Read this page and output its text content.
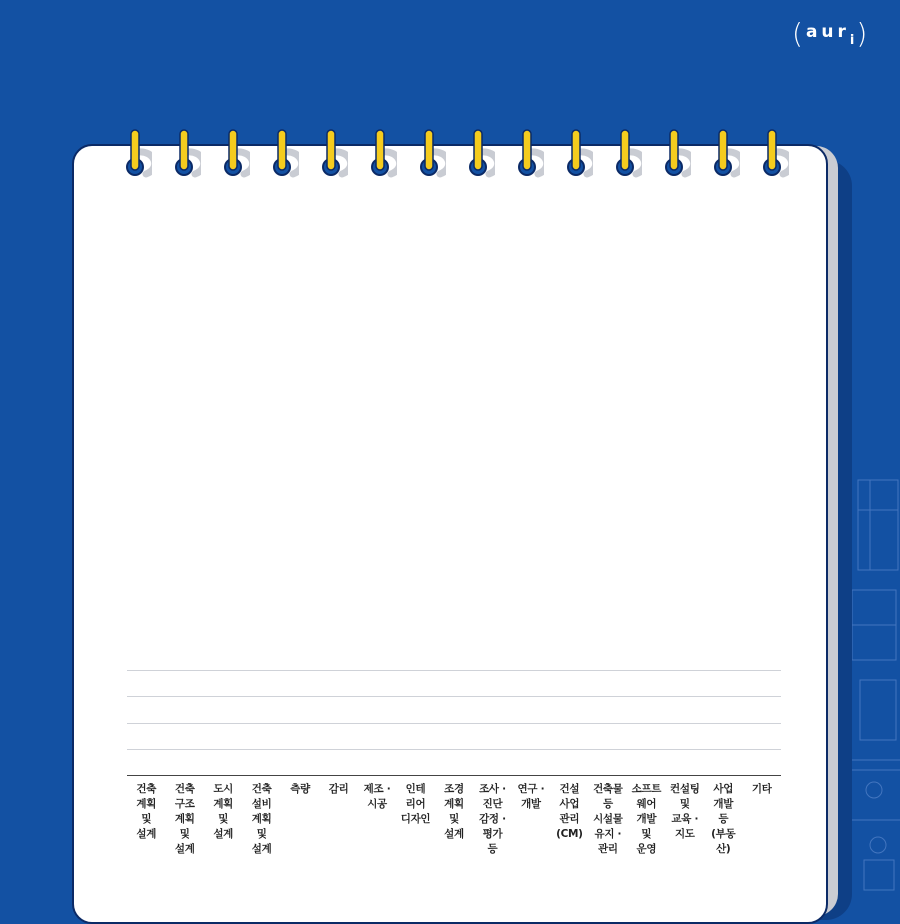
( aur i )
건축
계획
및
설계
건축
구조
계획
및
설계
도시
계획
및
설계
건축
설비
계획
및
설계
측량	감리	제조 ·
시공
인테
리어
디자인
조경
계획
및
설계
조사 ·
진단
감정 ·
평가
등
연구 ·
개발
건설
사업
관리
(CM)
건축물
등
시설물
유지 ·
관리
소프트
웨어
개발
및
운영
컨설팅
및
교육 ·
지도
사업
개발
등
(부동산)
기타
